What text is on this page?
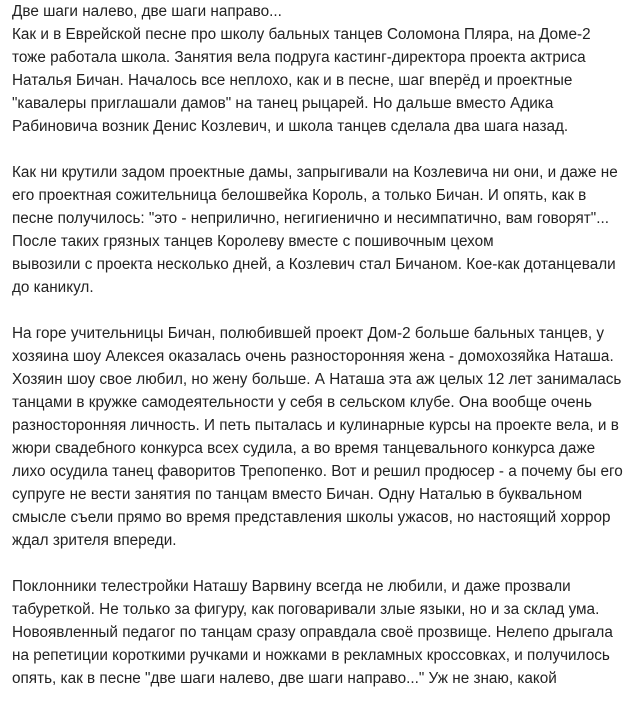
Две шаги налево, две шаги направо...
Как и в Еврейской песне про школу бальных танцев Соломона Пляра, на Доме-2
тоже работала школа. Занятия вела подруга кастинг-директора проекта актриса
Наталья Бичан. Началось все неплохо, как и в песне, шаг вперёд и проектные
"кавалеры приглашали дамов" на танец рыцарей. Но дальше вместо Адика
Рабиновича возник Денис Козлевич, и школа танцев сделала два шага назад.
Как ни крутили задом проектные дамы, запрыгивали на Козлевича ни они, и даже не
его проектная сожительница белошвейка Король, а только Бичан. И опять, как в
песне получилось: "это - неприлично, негигиенично и несимпатично, вам говорят"...
После таких грязных танцев Королеву вместе с пошивочным цехом
вывозили с проекта несколько дней, а Козлевич стал Бичаном. Кое-как дотанцевали
до каникул.
На горе учительницы Бичан, полюбившей проект Дом-2 больше бальных танцев, у
хозяина шоу Алексея оказалась очень разносторонняя жена - домохозяйка Наташа.
Хозяин шоу свое любил, но жену больше. А Наташа эта аж целых 12 лет занималась
танцами в кружке самодеятельности у себя в сельском клубе. Она вообще очень
разносторонняя личность. И петь пыталась и кулинарные курсы на проекте вела, и в
жюри свадебного конкурса всех судила, а во время танцевального конкурса даже
лихо осудила танец фаворитов Трепопенко. Вот и решил продюсер - а почему бы его
супруге не вести занятия по танцам вместо Бичан. Одну Наталью в буквальном
смысле съели прямо во время представления школы ужасов, но настоящий хоррор
ждал зрителя впереди.
Поклонники телестройки Наташу Варвину всегда не любили, и даже прозвали
табуреткой. Не только за фигуру, как поговаривали злые языки, но и за склад ума.
Новоявленный педагог по танцам сразу оправдала своё прозвище. Нелепо дрыгала
на репетиции короткими ручками и ножками в рекламных кроссовках, и получилось
опять, как в песне "две шаги налево, две шаги направо..." Уж не знаю, какой
